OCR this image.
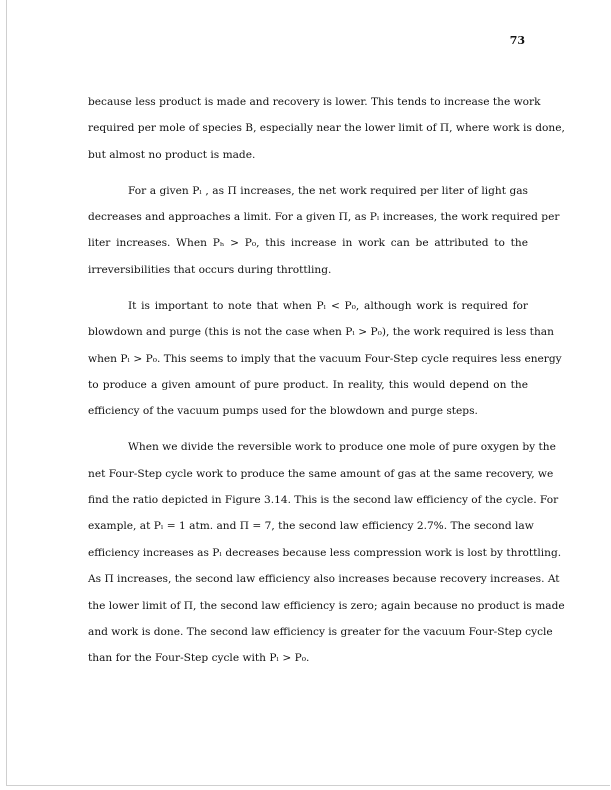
73
because less product is made and recovery is lower. This tends to increase the work
required per mole of species B, especially near the lower limit of Π, where work is done,
but almost no product is made.
For a given Pₗ , as Π increases, the net work required per liter of light gas
decreases and approaches a limit. For a given Π, as Pₗ increases, the work required per
liter increases. When Pₕ > P₀, this increase in work can be attributed to the
irreversibilities that occurs during throttling.
It is important to note that when Pₗ < P₀, although work is required for
blowdown and purge (this is not the case when Pₗ > P₀), the work required is less than
when Pₗ > P₀. This seems to imply that the vacuum Four-Step cycle requires less energy
to produce a given amount of pure product. In reality, this would depend on the
efficiency of the vacuum pumps used for the blowdown and purge steps.
When we divide the reversible work to produce one mole of pure oxygen by the
net Four-Step cycle work to produce the same amount of gas at the same recovery, we
find the ratio depicted in Figure 3.14. This is the second law efficiency of the cycle. For
example, at Pₗ = 1 atm. and Π = 7, the second law efficiency 2.7%. The second law
efficiency increases as Pₗ decreases because less compression work is lost by throttling.
As Π increases, the second law efficiency also increases because recovery increases. At
the lower limit of Π, the second law efficiency is zero; again because no product is made
and work is done. The second law efficiency is greater for the vacuum Four-Step cycle
than for the Four-Step cycle with Pₗ > P₀.
